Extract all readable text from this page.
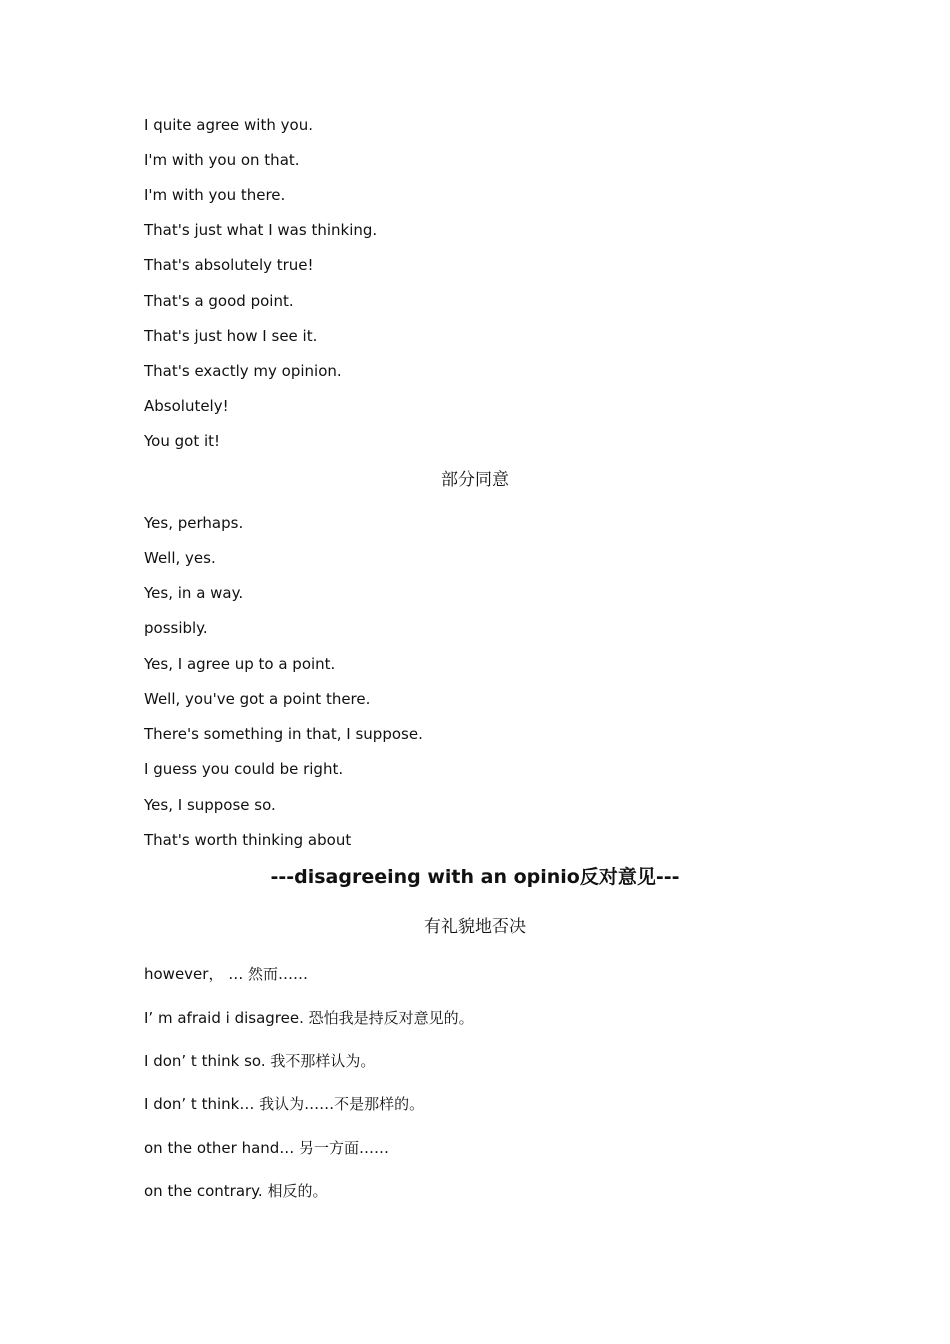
I quite agree with you.
I'm with you on that.
I'm with you there.
That's just what I was thinking.
That's absolutely true!
That's a good point.
That's just how I see it.
That's exactly my opinion.
Absolutely!
You got it!
部分同意
Yes, perhaps.
Well, yes.
Yes, in a way.
possibly.
Yes, I agree up to a point.
Well, you've got a point there.
There's something in that, I suppose.
I guess you could be right.
Yes, I suppose so.
That's worth thinking about
---disagreeing with an opinio反对意见---
有礼貌地否决
however， … 然而……
I’ m afraid i disagree. 恐怕我是持反对意见的。
I don’ t think so. 我不那样认为。
I don’ t think… 我认为……不是那样的。
on the other hand… 另一方面……
on the contrary. 相反的。
